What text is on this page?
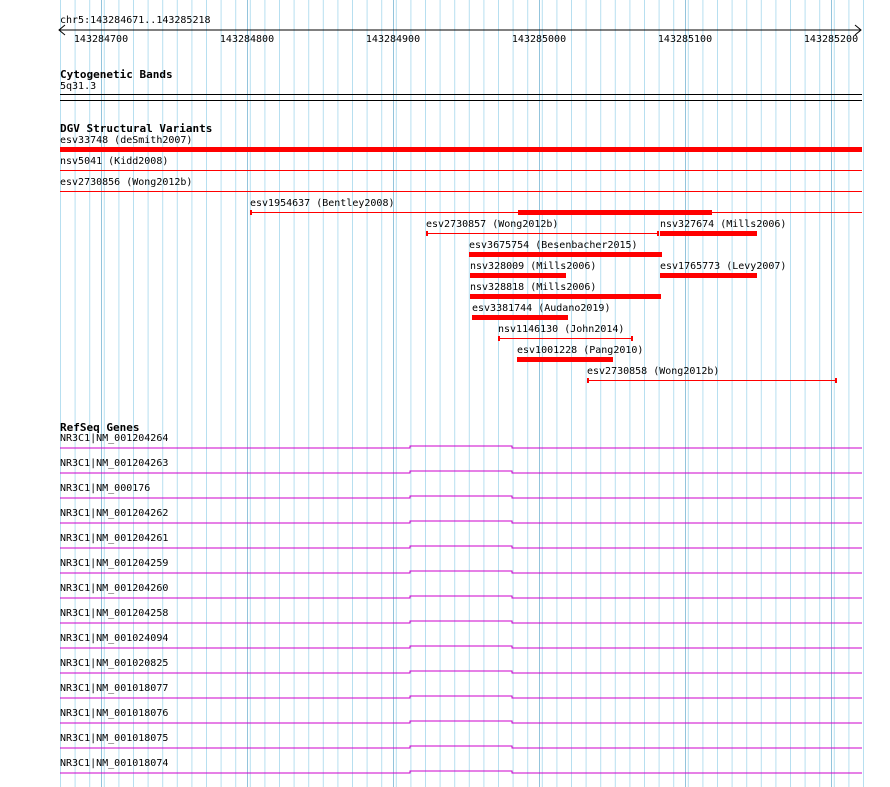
chr5:143284671..143285218
143284700	143284800	143284900	143285000	143285100	143285200
Cytogenetic Bands
5q31.3
DGV Structural Variants
esv33748 (deSmith2007)
nsv5041 (Kidd2008)
esv2730856 (Wong2012b)
esv1954637 (Bentley2008)
esv2730857 (Wong2012b)	nsv327674 (Mills2006)
esv3675754 (Besenbacher2015)
nsv328009 (Mills2006)	esv1765773 (Levy2007)
nsv328818 (Mills2006)
esv3381744 (Audano2019)
nsv1146130 (John2014)
esv1001228 (Pang2010)
esv2730858 (Wong2012b)
RefSeq Genes
NR3C1|NM_001204264
NR3C1|NM_001204263
NR3C1|NM_000176
NR3C1|NM_001204262
NR3C1|NM_001204261
NR3C1|NM_001204259
NR3C1|NM_001204260
NR3C1|NM_001204258
NR3C1|NM_001024094
NR3C1|NM_001020825
NR3C1|NM_001018077
NR3C1|NM_001018076
NR3C1|NM_001018075
NR3C1|NM_001018074
